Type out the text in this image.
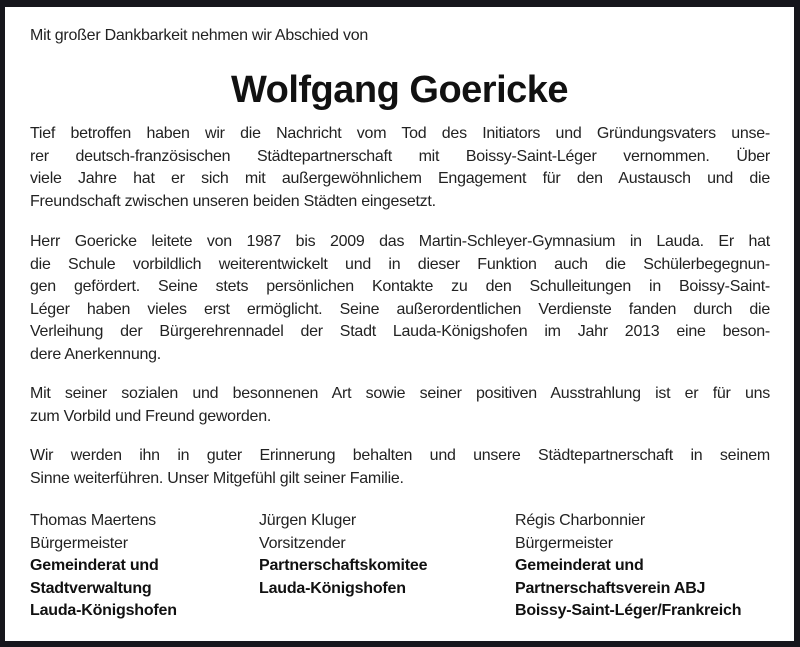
Mit großer Dankbarkeit nehmen wir Abschied von
Wolfgang Goericke
Tief betroffen haben wir die Nachricht vom Tod des Initiators und Gründungsvaters unse-
rer deutsch-französischen Städtepartnerschaft mit Boissy-Saint-Léger vernommen. Über
viele Jahre hat er sich mit außergewöhnlichem Engagement für den Austausch und die
Freundschaft zwischen unseren beiden Städten eingesetzt.
Herr Goericke leitete von 1987 bis 2009 das Martin-Schleyer-Gymnasium in Lauda. Er hat
die Schule vorbildlich weiterentwickelt und in dieser Funktion auch die Schülerbegegnun-
gen gefördert. Seine stets persönlichen Kontakte zu den Schulleitungen in Boissy-Saint-
Léger haben vieles erst ermöglicht. Seine außerordentlichen Verdienste fanden durch die
Verleihung der Bürgerehrennadel der Stadt Lauda-Königshofen im Jahr 2013 eine beson-
dere Anerkennung.
Mit seiner sozialen und besonnenen Art sowie seiner positiven Ausstrahlung ist er für uns
zum Vorbild und Freund geworden.
Wir werden ihn in guter Erinnerung behalten und unsere Städtepartnerschaft in seinem
Sinne weiterführen. Unser Mitgefühl gilt seiner Familie.
Thomas Maertens
Bürgermeister
Gemeinderat und
Stadtverwaltung
Lauda-Königshofen
Jürgen Kluger
Vorsitzender
Partnerschaftskomitee
Lauda-Königshofen
Régis Charbonnier
Bürgermeister
Gemeinderat und
Partnerschaftsverein ABJ
Boissy-Saint-Léger/Frankreich
